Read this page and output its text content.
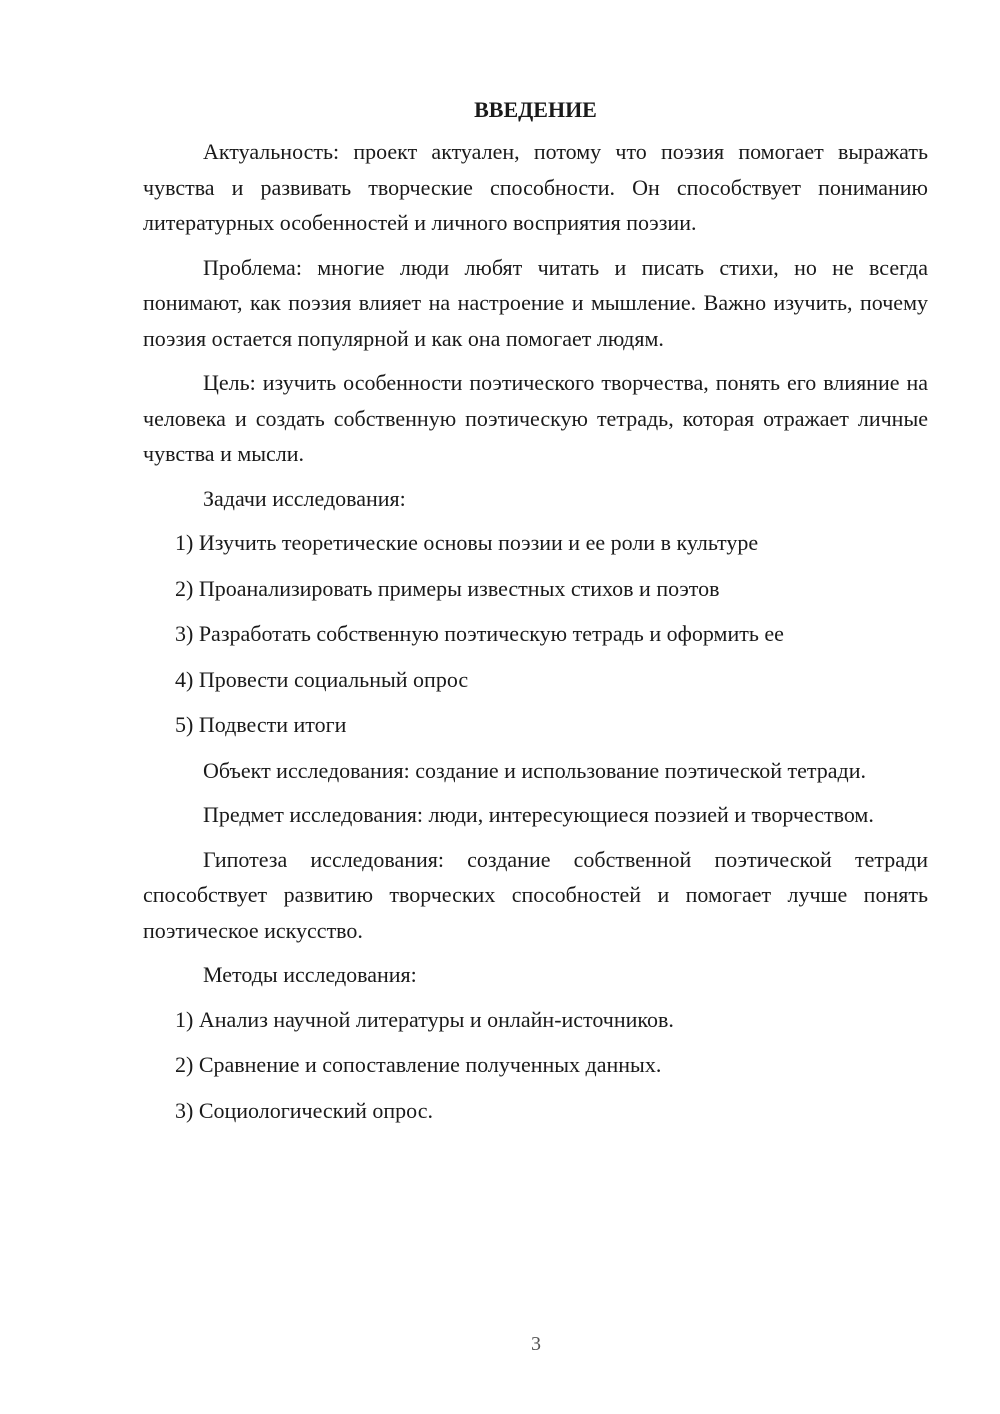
ВВЕДЕНИЕ

Актуальность: проект актуален, потому что поэзия помогает выражать чувства и развивать творческие способности. Он способствует пониманию литературных особенностей и личного восприятия поэзии.

Проблема: многие люди любят читать и писать стихи, но не всегда понимают, как поэзия влияет на настроение и мышление. Важно изучить, почему поэзия остается популярной и как она помогает людям.

Цель: изучить особенности поэтического творчества, понять его влияние на человека и создать собственную поэтическую тетрадь, которая отражает личные чувства и мысли.

Задачи исследования:

1) Изучить теоретические основы поэзии и ее роли в культуре
2) Проанализировать примеры известных стихов и поэтов
3) Разработать собственную поэтическую тетрадь и оформить ее
4) Провести социальный опрос
5) Подвести итоги

Объект исследования: создание и использование поэтической тетради.

Предмет исследования: люди, интересующиеся поэзией и творчеством.

Гипотеза исследования: создание собственной поэтической тетради способствует развитию творческих способностей и помогает лучше понять поэтическое искусство.

Методы исследования:

1) Анализ научной литературы и онлайн-источников.
2) Сравнение и сопоставление полученных данных.
3) Социологический опрос.
3
